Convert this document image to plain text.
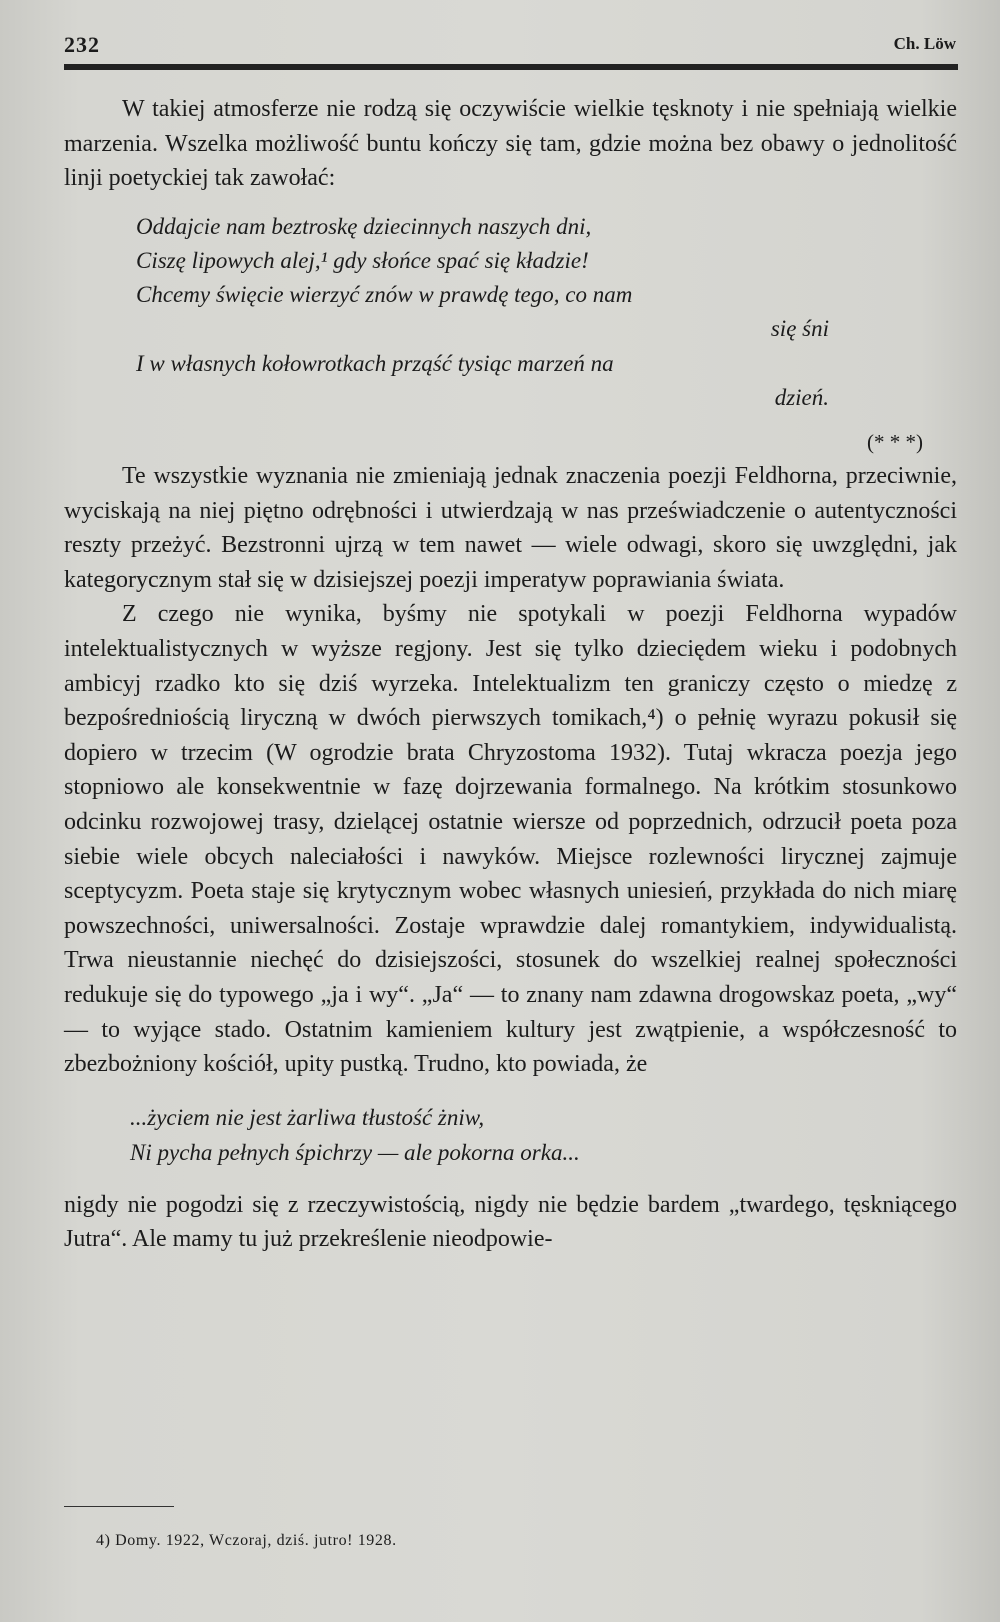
232	Ch. Löw

W takiej atmosferze nie rodzą się oczywiście wielkie tęsknoty i nie spełniają wielkie marzenia. Wszelka możliwość buntu kończy się tam, gdzie można bez obawy o jednolitość linji poetyckiej tak zawołać:

Oddajcie nam beztroskę dziecinnych naszych dni,
Ciszę lipowych alej,¹ gdy słońce spać się kładzie!
Chcemy święcie wierzyć znów w prawdę tego, co nam
się śni
I w własnych kołowrotkach prząść tysiąc marzeń na
dzień.
(* * *)

Te wszystkie wyznania nie zmieniają jednak znaczenia poezji Feldhorna, przeciwnie, wyciskają na niej piętno odrębności i utwierdzają w nas przeświadczenie o autentyczności reszty przeżyć. Bezstronni ujrzą w tem nawet — wiele odwagi, skoro się uwzględni, jak kategorycznym stał się w dzisiejszej poezji imperatyw poprawiania świata.

Z czego nie wynika, byśmy nie spotykali w poezji Feldhorna wypadów intelektualistycznych w wyższe regjony. Jest się tylko dzieciędem wieku i podobnych ambicyj rzadko kto się dziś wyrzeka. Intelektualizm ten graniczy często o miedzę z bezpośredniością liryczną w dwóch pierwszych tomikach,⁴) o pełnię wyrazu pokusił się dopiero w trzecim (W ogrodzie brata Chryzostoma 1932). Tutaj wkracza poezja jego stopniowo ale konsekwentnie w fazę dojrzewania formalnego. Na krótkim stosunkowo odcinku rozwojowej trasy, dzielącej ostatnie wiersze od poprzednich, odrzucił poeta poza siebie wiele obcych naleciałości i nawyków. Miejsce rozlewności lirycznej zajmuje sceptycyzm. Poeta staje się krytycznym wobec własnych uniesień, przykłada do nich miarę powszechności, uniwersalności. Zostaje wprawdzie dalej romantykiem, indywidualistą. Trwa nieustannie niechęć do dzisiejszości, stosunek do wszelkiej realnej społeczności redukuje się do typowego „ja i wy“. „Ja“ — to znany nam zdawna drogowskaz poeta, „wy“ — to wyjące stado. Ostatnim kamieniem kultury jest zwątpienie, a współczesność to zbezbożniony kościół, upity pustką. Trudno, kto powiada, że

...życiem nie jest żarliwa tłustość żniw,
Ni pycha pełnych śpichrzy — ale pokorna orka...

nigdy nie pogodzi się z rzeczywistością, nigdy nie będzie bardem „twardego, tęskniącego Jutra“. Ale mamy tu już przekreślenie nieodpowie-

4) Domy. 1922, Wczoraj, dziś. jutro! 1928.
